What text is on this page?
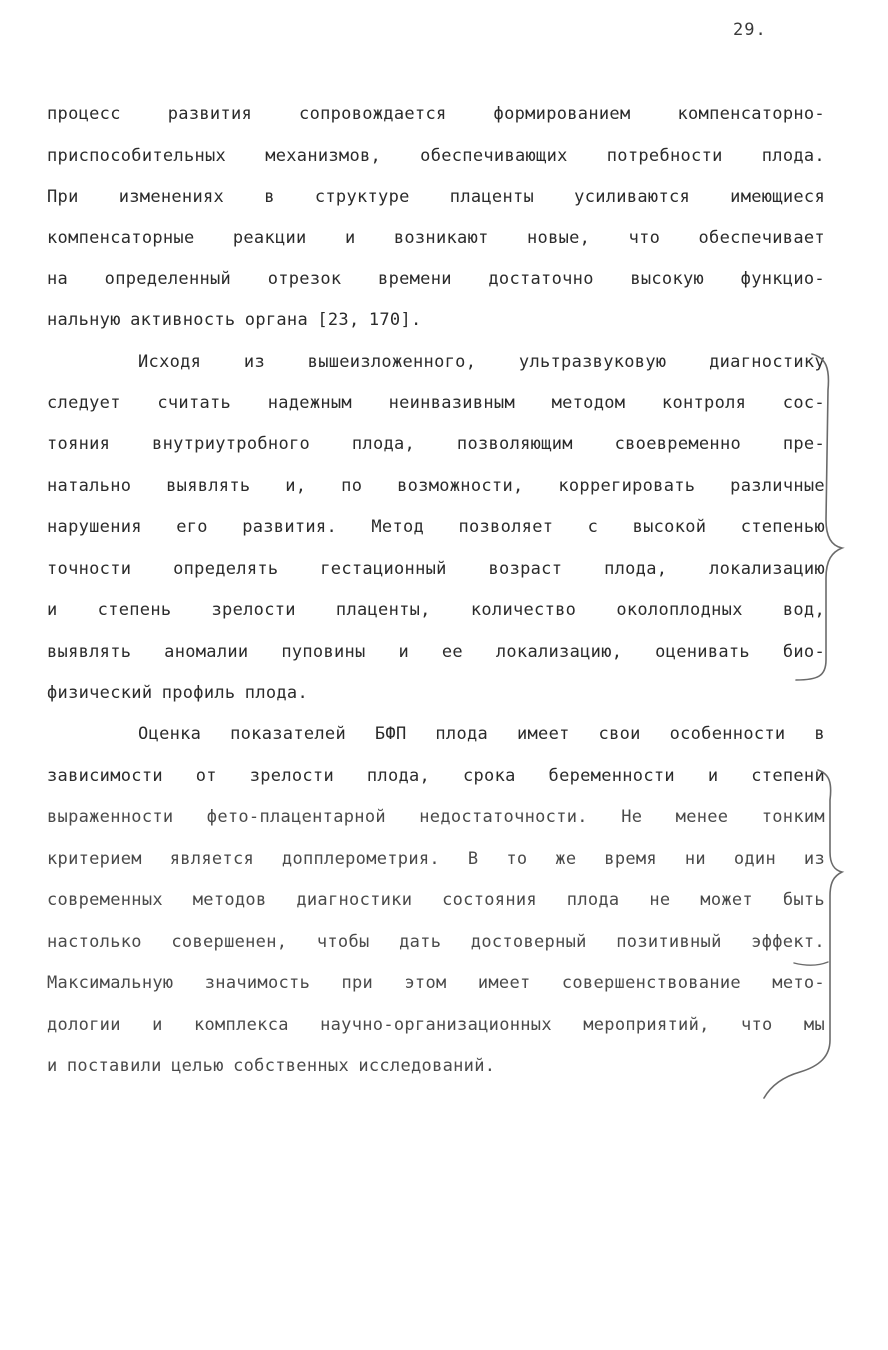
29.
процесс	развития	сопровождается	формированием	компенсаторно-
приспособительных механизмов, обеспечивающих потребности плода.
При изменениях в структуре плаценты усиливаются имеющиеся
компенсаторные реакции и возникают новые, что обеспечивает
на определенный отрезок времени достаточно высокую функцио-
нальную активность органа [23, 170].
Исходя	из	вышеизложенного,	ультразвуковую	диагностику
следует считать надежным неинвазивным методом контроля сос-
тояния внутриутробного плода, позволяющим своевременно пре-
натально выявлять и, по возможности, коррегировать различные
нарушения его развития. Метод позволяет с высокой степенью
точности определять гестационный возраст плода, локализацию
и степень зрелости плаценты, количество околоплодных вод,
выявлять аномалии пуповины и ее локализацию, оценивать био-
физический профиль плода.
Оценка показателей БФП плода имеет свои особенности в
зависимости от зрелости плода, срока беременности и степени
выраженности фето-плацентарной недостаточности. Не менее тонким
критерием является допплерометрия. В то же время ни один из
современных методов диагностики состояния плода не может быть
настолько совершенен, чтобы дать достоверный позитивный эффект.
Максимальную значимость при этом имеет совершенствование мето-
дологии и комплекса научно-организационных мероприятий, что мы
и поставили целью собственных исследований.
